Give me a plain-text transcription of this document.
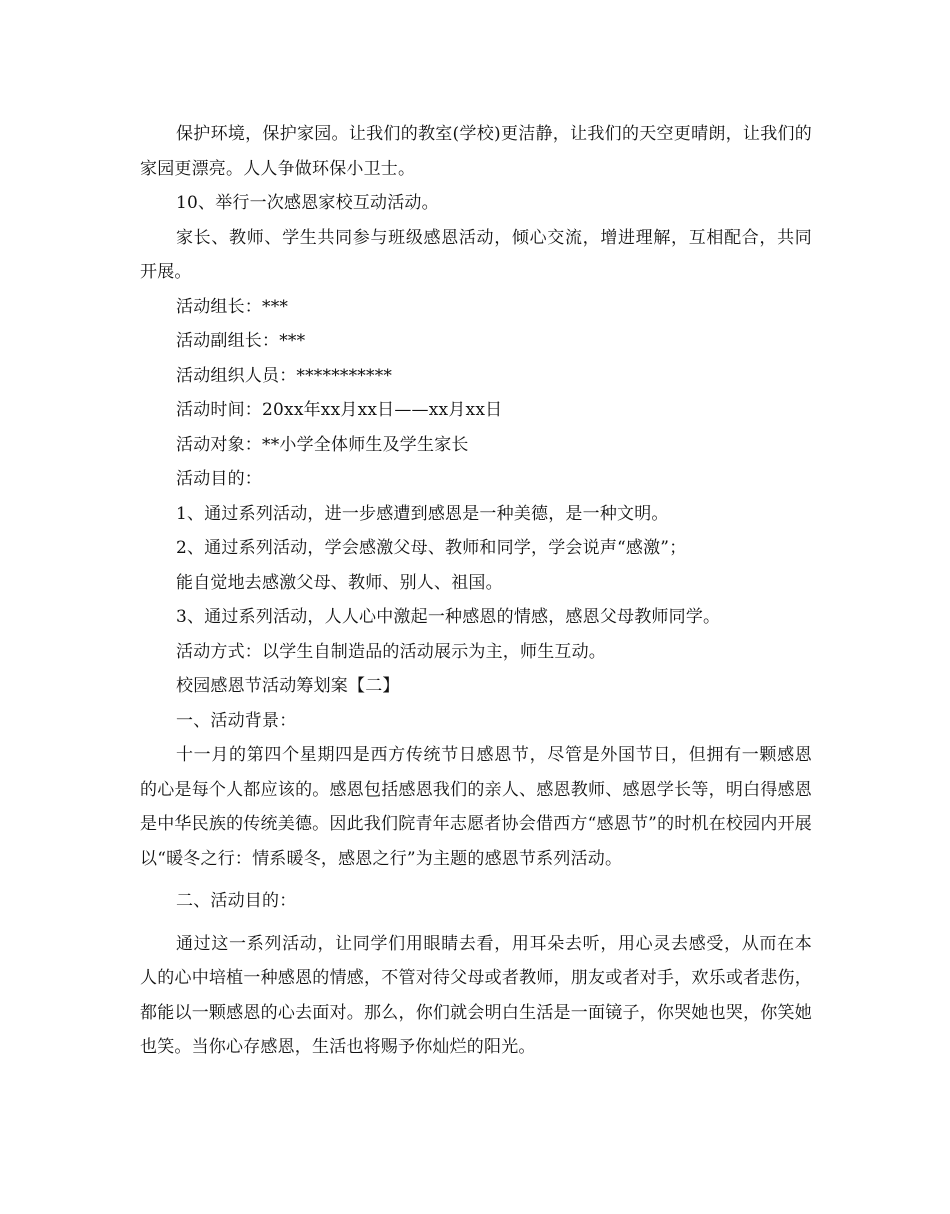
保护环境，保护家园。让我们的教室(学校)更洁静，让我们的天空更晴朗，让我们的家园更漂亮。人人争做环保小卫士。

10、举行一次感恩家校互动活动。

家长、教师、学生共同参与班级感恩活动，倾心交流，增进理解，互相配合，共同开展。

活动组长：***

活动副组长：***

活动组织人员：***********

活动时间：20xx年xx月xx日——xx月xx日

活动对象：**小学全体师生及学生家长

活动目的：

1、通过系列活动，进一步感遭到感恩是一种美德，是一种文明。

2、通过系列活动，学会感激父母、教师和同学，学会说声“感激”；

能自觉地去感激父母、教师、别人、祖国。

3、通过系列活动，人人心中激起一种感恩的情感，感恩父母教师同学。

活动方式：以学生自制造品的活动展示为主，师生互动。

校园感恩节活动筹划案【二】

一、活动背景：

十一月的第四个星期四是西方传统节日感恩节，尽管是外国节日，但拥有一颗感恩的心是每个人都应该的。感恩包括感恩我们的亲人、感恩教师、感恩学长等，明白得感恩是中华民族的传统美德。因此我们院青年志愿者协会借西方“感恩节”的时机在校园内开展以“暖冬之行：情系暖冬，感恩之行”为主题的感恩节系列活动。

二、活动目的：

通过这一系列活动，让同学们用眼睛去看，用耳朵去听，用心灵去感受，从而在本人的心中培植一种感恩的情感，不管对待父母或者教师，朋友或者对手，欢乐或者悲伤，都能以一颗感恩的心去面对。那么，你们就会明白生活是一面镜子，你哭她也哭，你笑她也笑。当你心存感恩，生活也将赐予你灿烂的阳光。
